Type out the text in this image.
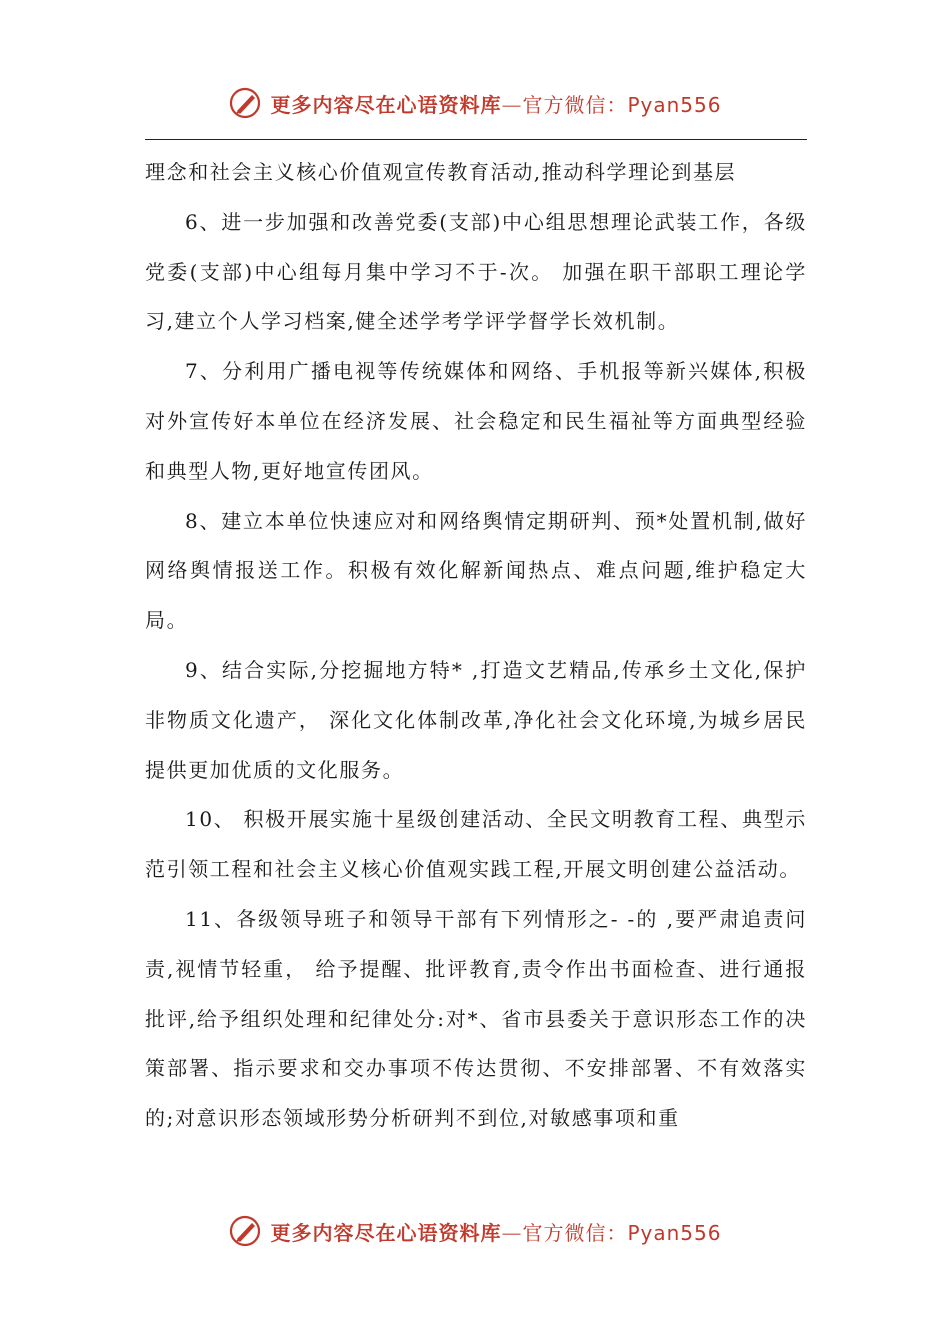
更多内容尽在心语资料库—官方微信：Pyan556

理念和社会主义核心价值观宣传教育活动,推动科学理论到基层

6、进一步加强和改善党委(支部)中心组思想理论武装工作，各级党委(支部)中心组每月集中学习不于-次。 加强在职干部职工理论学习,建立个人学习档案,健全述学考学评学督学长效机制。

7、分利用广播电视等传统媒体和网络、手机报等新兴媒体,积极对外宣传好本单位在经济发展、社会稳定和民生福祉等方面典型经验和典型人物,更好地宣传团风。

8、建立本单位快速应对和网络舆情定期研判、预*处置机制,做好网络舆情报送工作。积极有效化解新闻热点、难点问题,维护稳定大局。

9、结合实际,分挖掘地方特* ,打造文艺精品,传承乡土文化,保护非物质文化遗产， 深化文化体制改革,净化社会文化环境,为城乡居民提供更加优质的文化服务。

10、 积极开展实施十星级创建活动、全民文明教育工程、典型示范引领工程和社会主义核心价值观实践工程,开展文明创建公益活动。

11、各级领导班子和领导干部有下列情形之- -的 ,要严肃追责问责,视情节轻重， 给予提醒、批评教育,责令作出书面检查、进行通报批评,给予组织处理和纪律处分:对*、省市县委关于意识形态工作的决策部署、指示要求和交办事项不传达贯彻、不安排部署、不有效落实的;对意识形态领域形势分析研判不到位,对敏感事项和重

更多内容尽在心语资料库—官方微信：Pyan556
